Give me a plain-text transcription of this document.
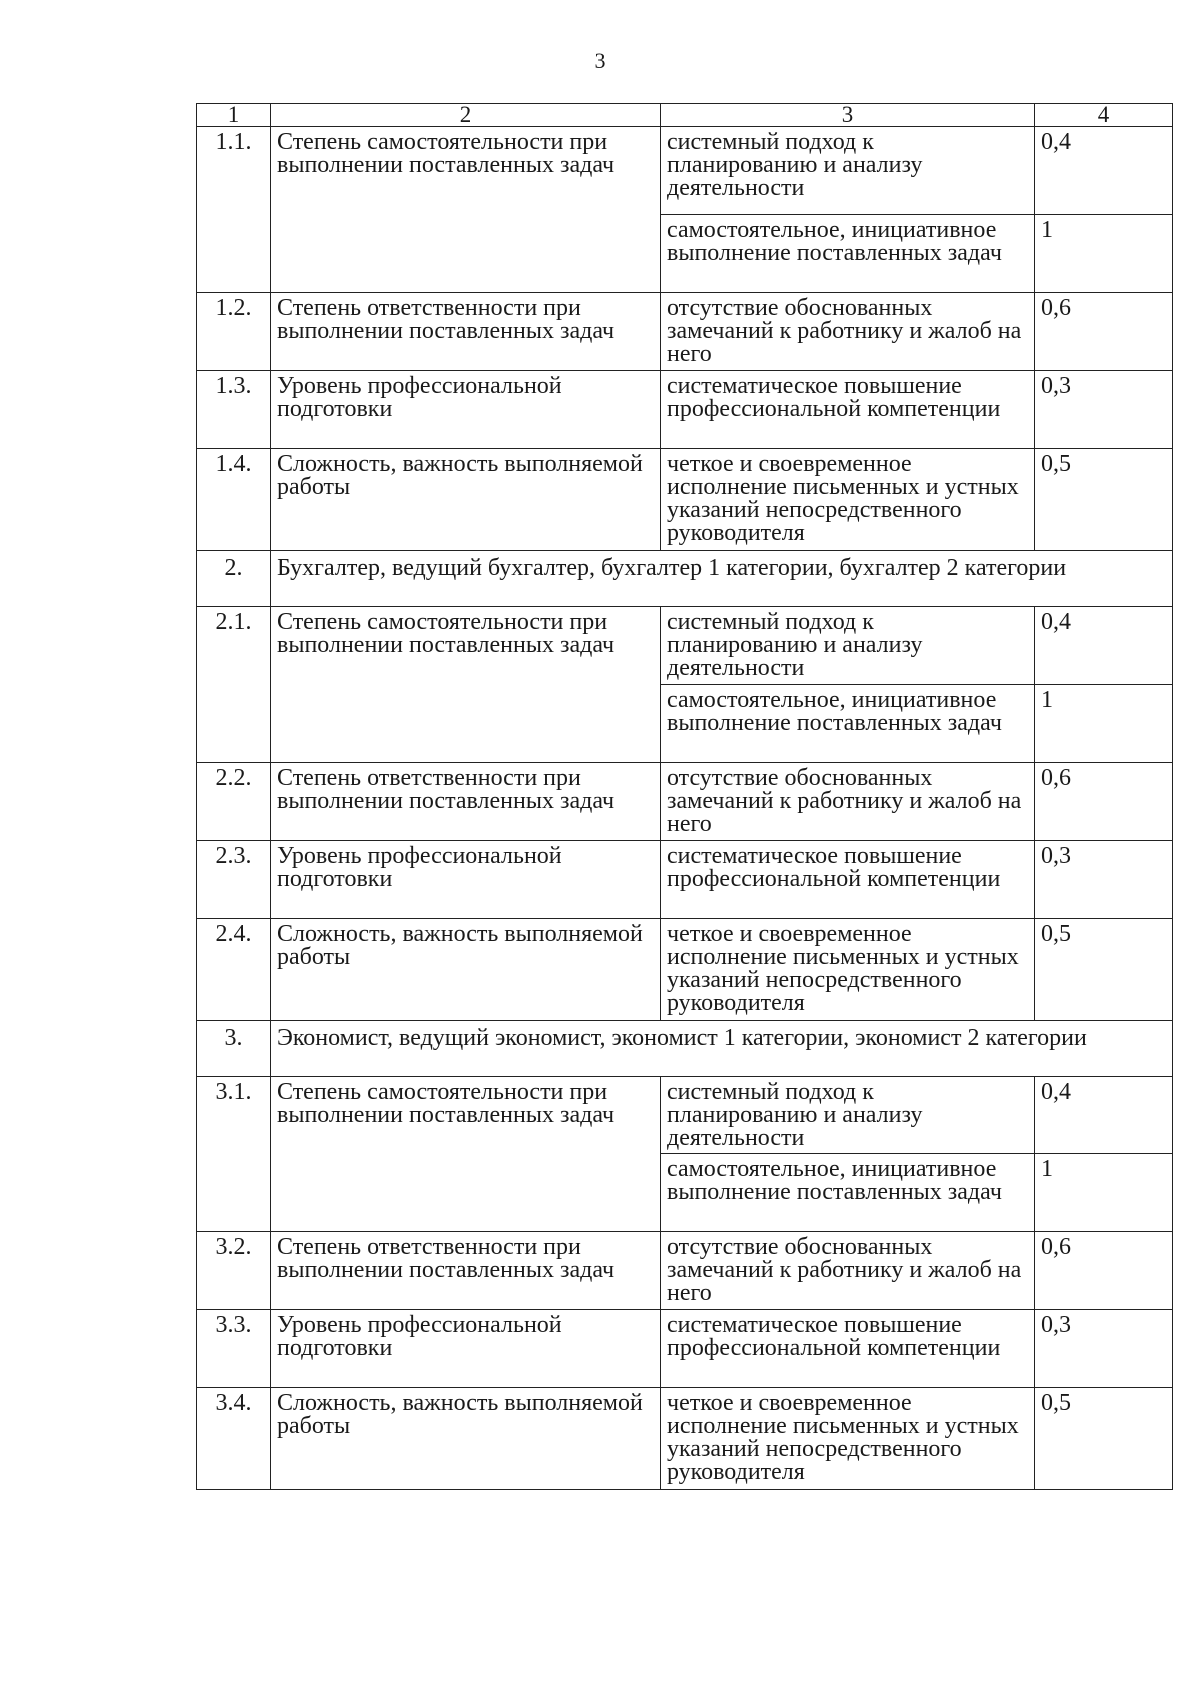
3
1	2	3	4
1.1.	Степень самостоятельности при выполнении поставленных задач	системный подход к планированию и анализу деятельности	0,4
		самостоятельное, инициативное выполнение поставленных задач	1
1.2.	Степень ответственности при выполнении поставленных задач	отсутствие обоснованных замечаний к работнику и жалоб на него	0,6
1.3.	Уровень профессиональной подготовки	систематическое повышение профессиональной компетенции	0,3
1.4.	Сложность, важность выполняемой работы	четкое и своевременное исполнение письменных и устных указаний непосредственного руководителя	0,5
2.	Бухгалтер, ведущий бухгалтер, бухгалтер 1 категории, бухгалтер 2 категории		
2.1.	Степень самостоятельности при выполнении поставленных задач	системный подход к планированию и анализу деятельности	0,4
		самостоятельное, инициативное выполнение поставленных задач	1
2.2.	Степень ответственности при выполнении поставленных задач	отсутствие обоснованных замечаний к работнику и жалоб на него	0,6
2.3.	Уровень профессиональной подготовки	систематическое повышение профессиональной компетенции	0,3
2.4.	Сложность, важность выполняемой работы	четкое и своевременное исполнение письменных и устных указаний непосредственного руководителя	0,5
3.	Экономист, ведущий экономист, экономист 1 категории, экономист 2 категории		
3.1.	Степень самостоятельности при выполнении поставленных задач	системный подход к планированию и анализу деятельности	0,4
		самостоятельное, инициативное выполнение поставленных задач	1
3.2.	Степень ответственности при выполнении поставленных задач	отсутствие обоснованных замечаний к работнику и жалоб на него	0,6
3.3.	Уровень профессиональной подготовки	систематическое повышение профессиональной компетенции	0,3
3.4.	Сложность, важность выполняемой работы	четкое и своевременное исполнение письменных и устных указаний непосредственного руководителя	0,5
